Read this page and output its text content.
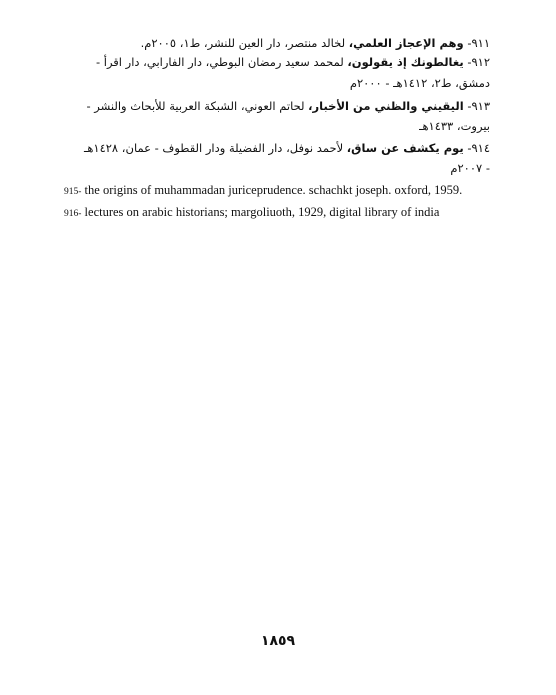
٩١١- وهم الإعجاز العلمي، لخالد منتصر، دار العين للنشر، ط١، ٢٠٠٥م.
٩١٢- يغالطونك إذ يقولون، لمحمد سعيد رمضان البوطي، دار الفارابي، دار اقرأ -
دمشق، ط٢، ١٤١٢هـ - ٢٠٠٠م
٩١٣- اليقيني والظني من الأخبار، لحاتم العوني، الشبكة العربية للأبحاث والنشر -
بيروت، ١٤٣٣هـ
٩١٤- يوم يكشف عن ساق، لأحمد نوفل، دار الفضيلة ودار القطوف - عمان، ١٤٢٨هـ
- ٢٠٠٧م
915- the origins of muhammadan juriceprudence. schachkt joseph. oxford, 1959.
916- lectures on arabic historians; margoliuoth, 1929, digital library of india
١٨٥٩
